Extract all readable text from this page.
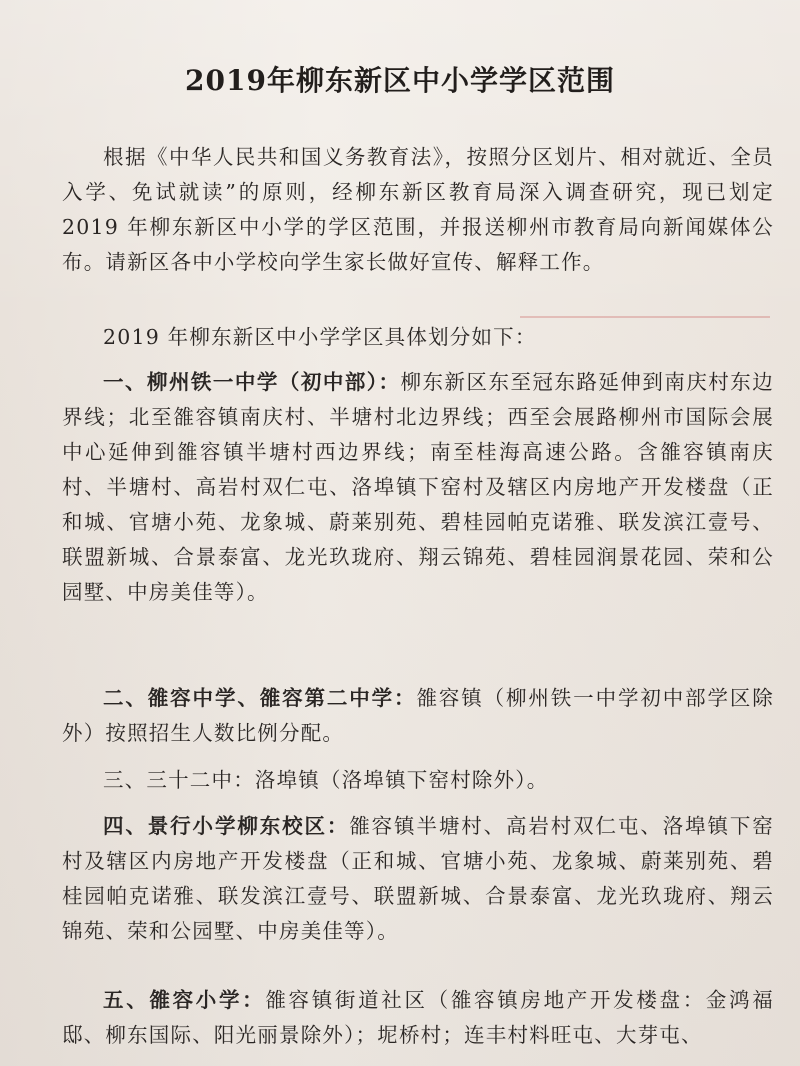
2019年柳东新区中小学学区范围

根据《中华人民共和国义务教育法》，按照分区划片、相对就近、全员入学、免试就读”的原则，经柳东新区教育局深入调查研究，现已划定 2019 年柳东新区中小学的学区范围，并报送柳州市教育局向新闻媒体公布。请新区各中小学校向学生家长做好宣传、解释工作。

2019 年柳东新区中小学学区具体划分如下：

一、柳州铁一中学（初中部）：柳东新区东至冠东路延伸到南庆村东边界线；北至雒容镇南庆村、半塘村北边界线；西至会展路柳州市国际会展中心延伸到雒容镇半塘村西边界线；南至桂海高速公路。含雒容镇南庆村、半塘村、高岩村双仁屯、洛埠镇下窑村及辖区内房地产开发楼盘（正和城、官塘小苑、龙象城、蔚莱别苑、碧桂园帕克诺雅、联发滨江壹号、联盟新城、合景泰富、龙光玖珑府、翔云锦苑、碧桂园润景花园、荣和公园墅、中房美佳等）。

二、雒容中学、雒容第二中学：雒容镇（柳州铁一中学初中部学区除外）按照招生人数比例分配。

三、三十二中：洛埠镇（洛埠镇下窑村除外）。

四、景行小学柳东校区：雒容镇半塘村、高岩村双仁屯、洛埠镇下窑村及辖区内房地产开发楼盘（正和城、官塘小苑、龙象城、蔚莱别苑、碧桂园帕克诺雅、联发滨江壹号、联盟新城、合景泰富、龙光玖珑府、翔云锦苑、荣和公园墅、中房美佳等）。

五、雒容小学：雒容镇街道社区（雒容镇房地产开发楼盘：金鸿福邸、柳东国际、阳光丽景除外）；坭桥村；连丰村料旺屯、大芽屯、
